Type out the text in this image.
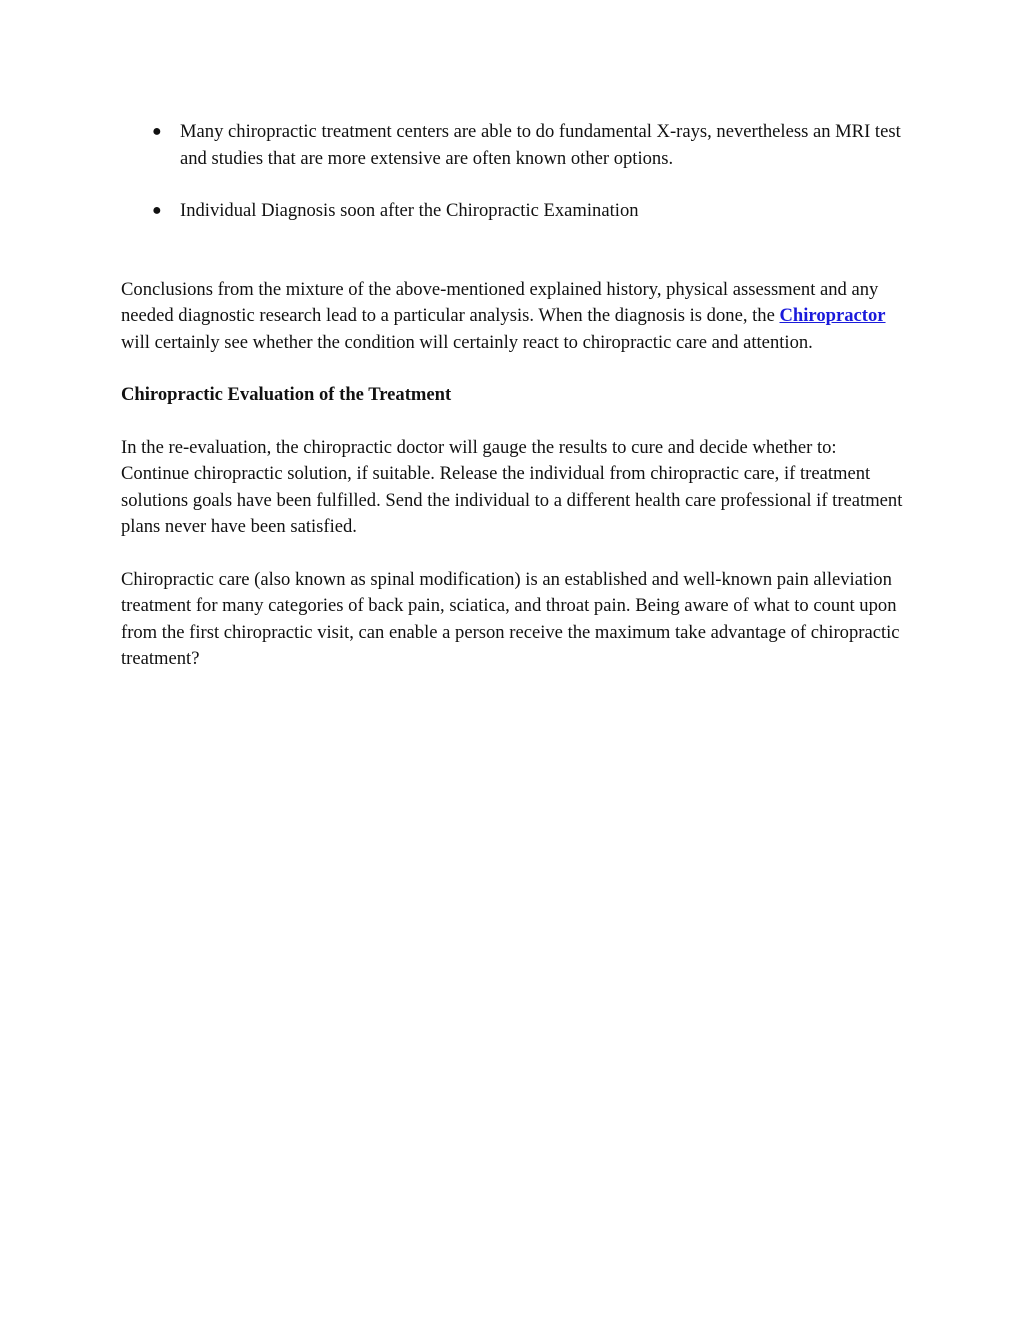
● Many chiropractic treatment centers are able to do fundamental X-rays, nevertheless an MRI test and studies that are more extensive are often known other options.
● Individual Diagnosis soon after the Chiropractic Examination

Conclusions from the mixture of the above-mentioned explained history, physical assessment and any needed diagnostic research lead to a particular analysis. When the diagnosis is done, the Chiropractor will certainly see whether the condition will certainly react to chiropractic care and attention.

Chiropractic Evaluation of the Treatment

In the re-evaluation, the chiropractic doctor will gauge the results to cure and decide whether to: Continue chiropractic solution, if suitable. Release the individual from chiropractic care, if treatment solutions goals have been fulfilled. Send the individual to a different health care professional if treatment plans never have been satisfied.

Chiropractic care (also known as spinal modification) is an established and well-known pain alleviation treatment for many categories of back pain, sciatica, and throat pain. Being aware of what to count upon from the first chiropractic visit, can enable a person receive the maximum take advantage of chiropractic treatment?
